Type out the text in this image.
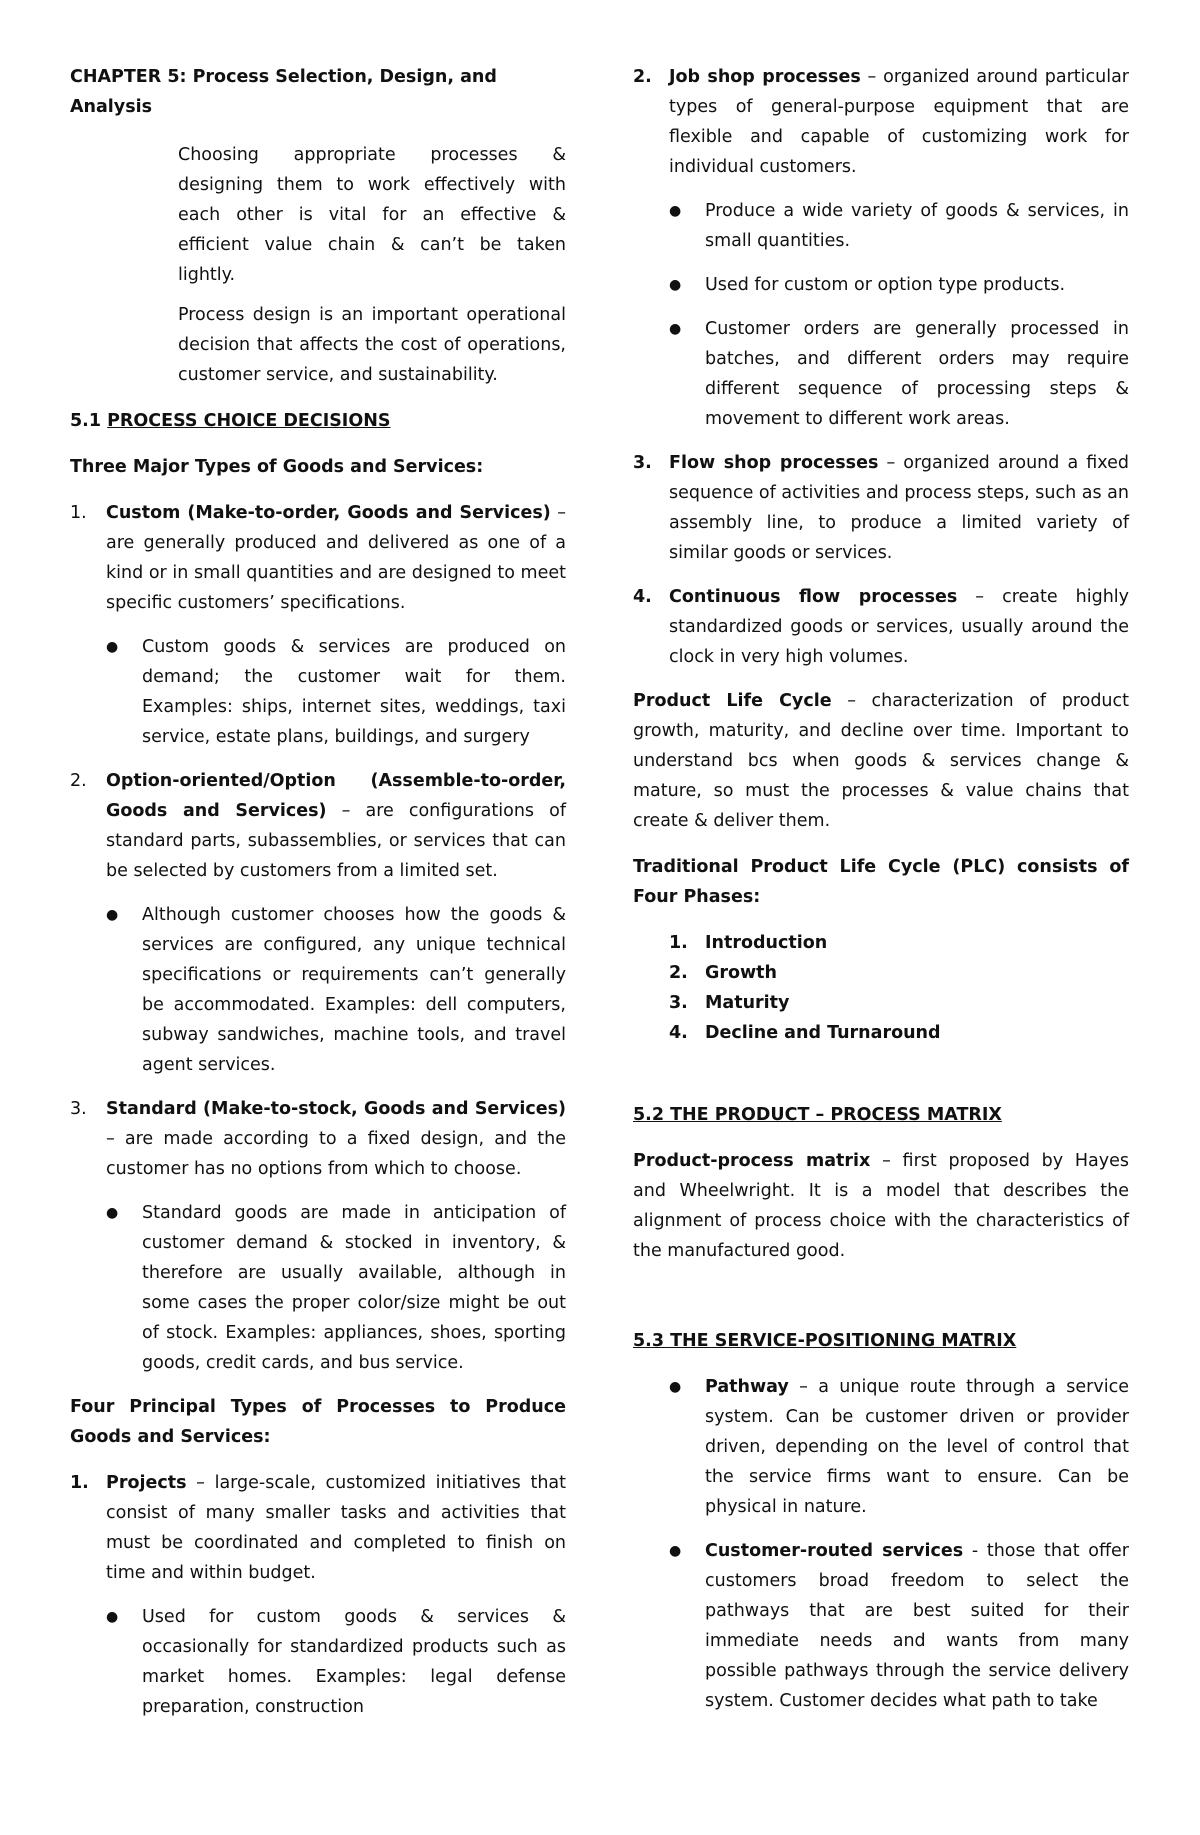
CHAPTER 5: Process Selection, Design, and Analysis

Choosing appropriate processes & designing them to work effectively with each other is vital for an effective & efficient value chain & can’t be taken lightly.
Process design is an important operational decision that affects the cost of operations, customer service, and sustainability.

5.1 PROCESS CHOICE DECISIONS

Three Major Types of Goods and Services:

1.	Custom (Make-to-order, Goods and Services) – are generally produced and delivered as one of a kind or in small quantities and are designed to meet specific customers’ specifications.
●	Custom goods & services are produced on demand; the customer wait for them. Examples: ships, internet sites, weddings, taxi service, estate plans, buildings, and surgery
2.	Option-oriented/Option (Assemble-to-order, Goods and Services) – are configurations of standard parts, subassemblies, or services that can be selected by customers from a limited set.
●	Although customer chooses how the goods & services are configured, any unique technical specifications or requirements can’t generally be accommodated. Examples: dell computers, subway sandwiches, machine tools, and travel agent services.
3.	Standard (Make-to-stock, Goods and Services) – are made according to a fixed design, and the customer has no options from which to choose.
●	Standard goods are made in anticipation of customer demand & stocked in inventory, & therefore are usually available, although in some cases the proper color/size might be out of stock. Examples: appliances, shoes, sporting goods, credit cards, and bus service.

Four Principal Types of Processes to Produce Goods and Services:

1. Projects – large-scale, customized initiatives that consist of many smaller tasks and activities that must be coordinated and completed to finish on time and within budget.
●	Used for custom goods & services & occasionally for standardized products such as market homes. Examples: legal defense preparation, construction
2. Job shop processes – organized around particular types of general-purpose equipment that are flexible and capable of customizing work for individual customers.
●	Produce a wide variety of goods & services, in small quantities.
●	Used for custom or option type products.
●	Customer orders are generally processed in batches, and different orders may require different sequence of processing steps & movement to different work areas.
3. Flow shop processes – organized around a fixed sequence of activities and process steps, such as an assembly line, to produce a limited variety of similar goods or services.
4. Continuous flow processes – create highly standardized goods or services, usually around the clock in very high volumes.

Product Life Cycle – characterization of product growth, maturity, and decline over time. Important to understand bcs when goods & services change & mature, so must the processes & value chains that create & deliver them.

Traditional Product Life Cycle (PLC) consists of Four Phases:

1. Introduction
2. Growth
3. Maturity
4. Decline and Turnaround

5.2 THE PRODUCT – PROCESS MATRIX

Product-process matrix – first proposed by Hayes and Wheelwright. It is a model that describes the alignment of process choice with the characteristics of the manufactured good.

5.3 THE SERVICE-POSITIONING MATRIX

●	Pathway – a unique route through a service system. Can be customer driven or provider driven, depending on the level of control that the service firms want to ensure. Can be physical in nature.
●	Customer-routed services - those that offer customers broad freedom to select the pathways that are best suited for their immediate needs and wants from many possible pathways through the service delivery system. Customer decides what path to take
